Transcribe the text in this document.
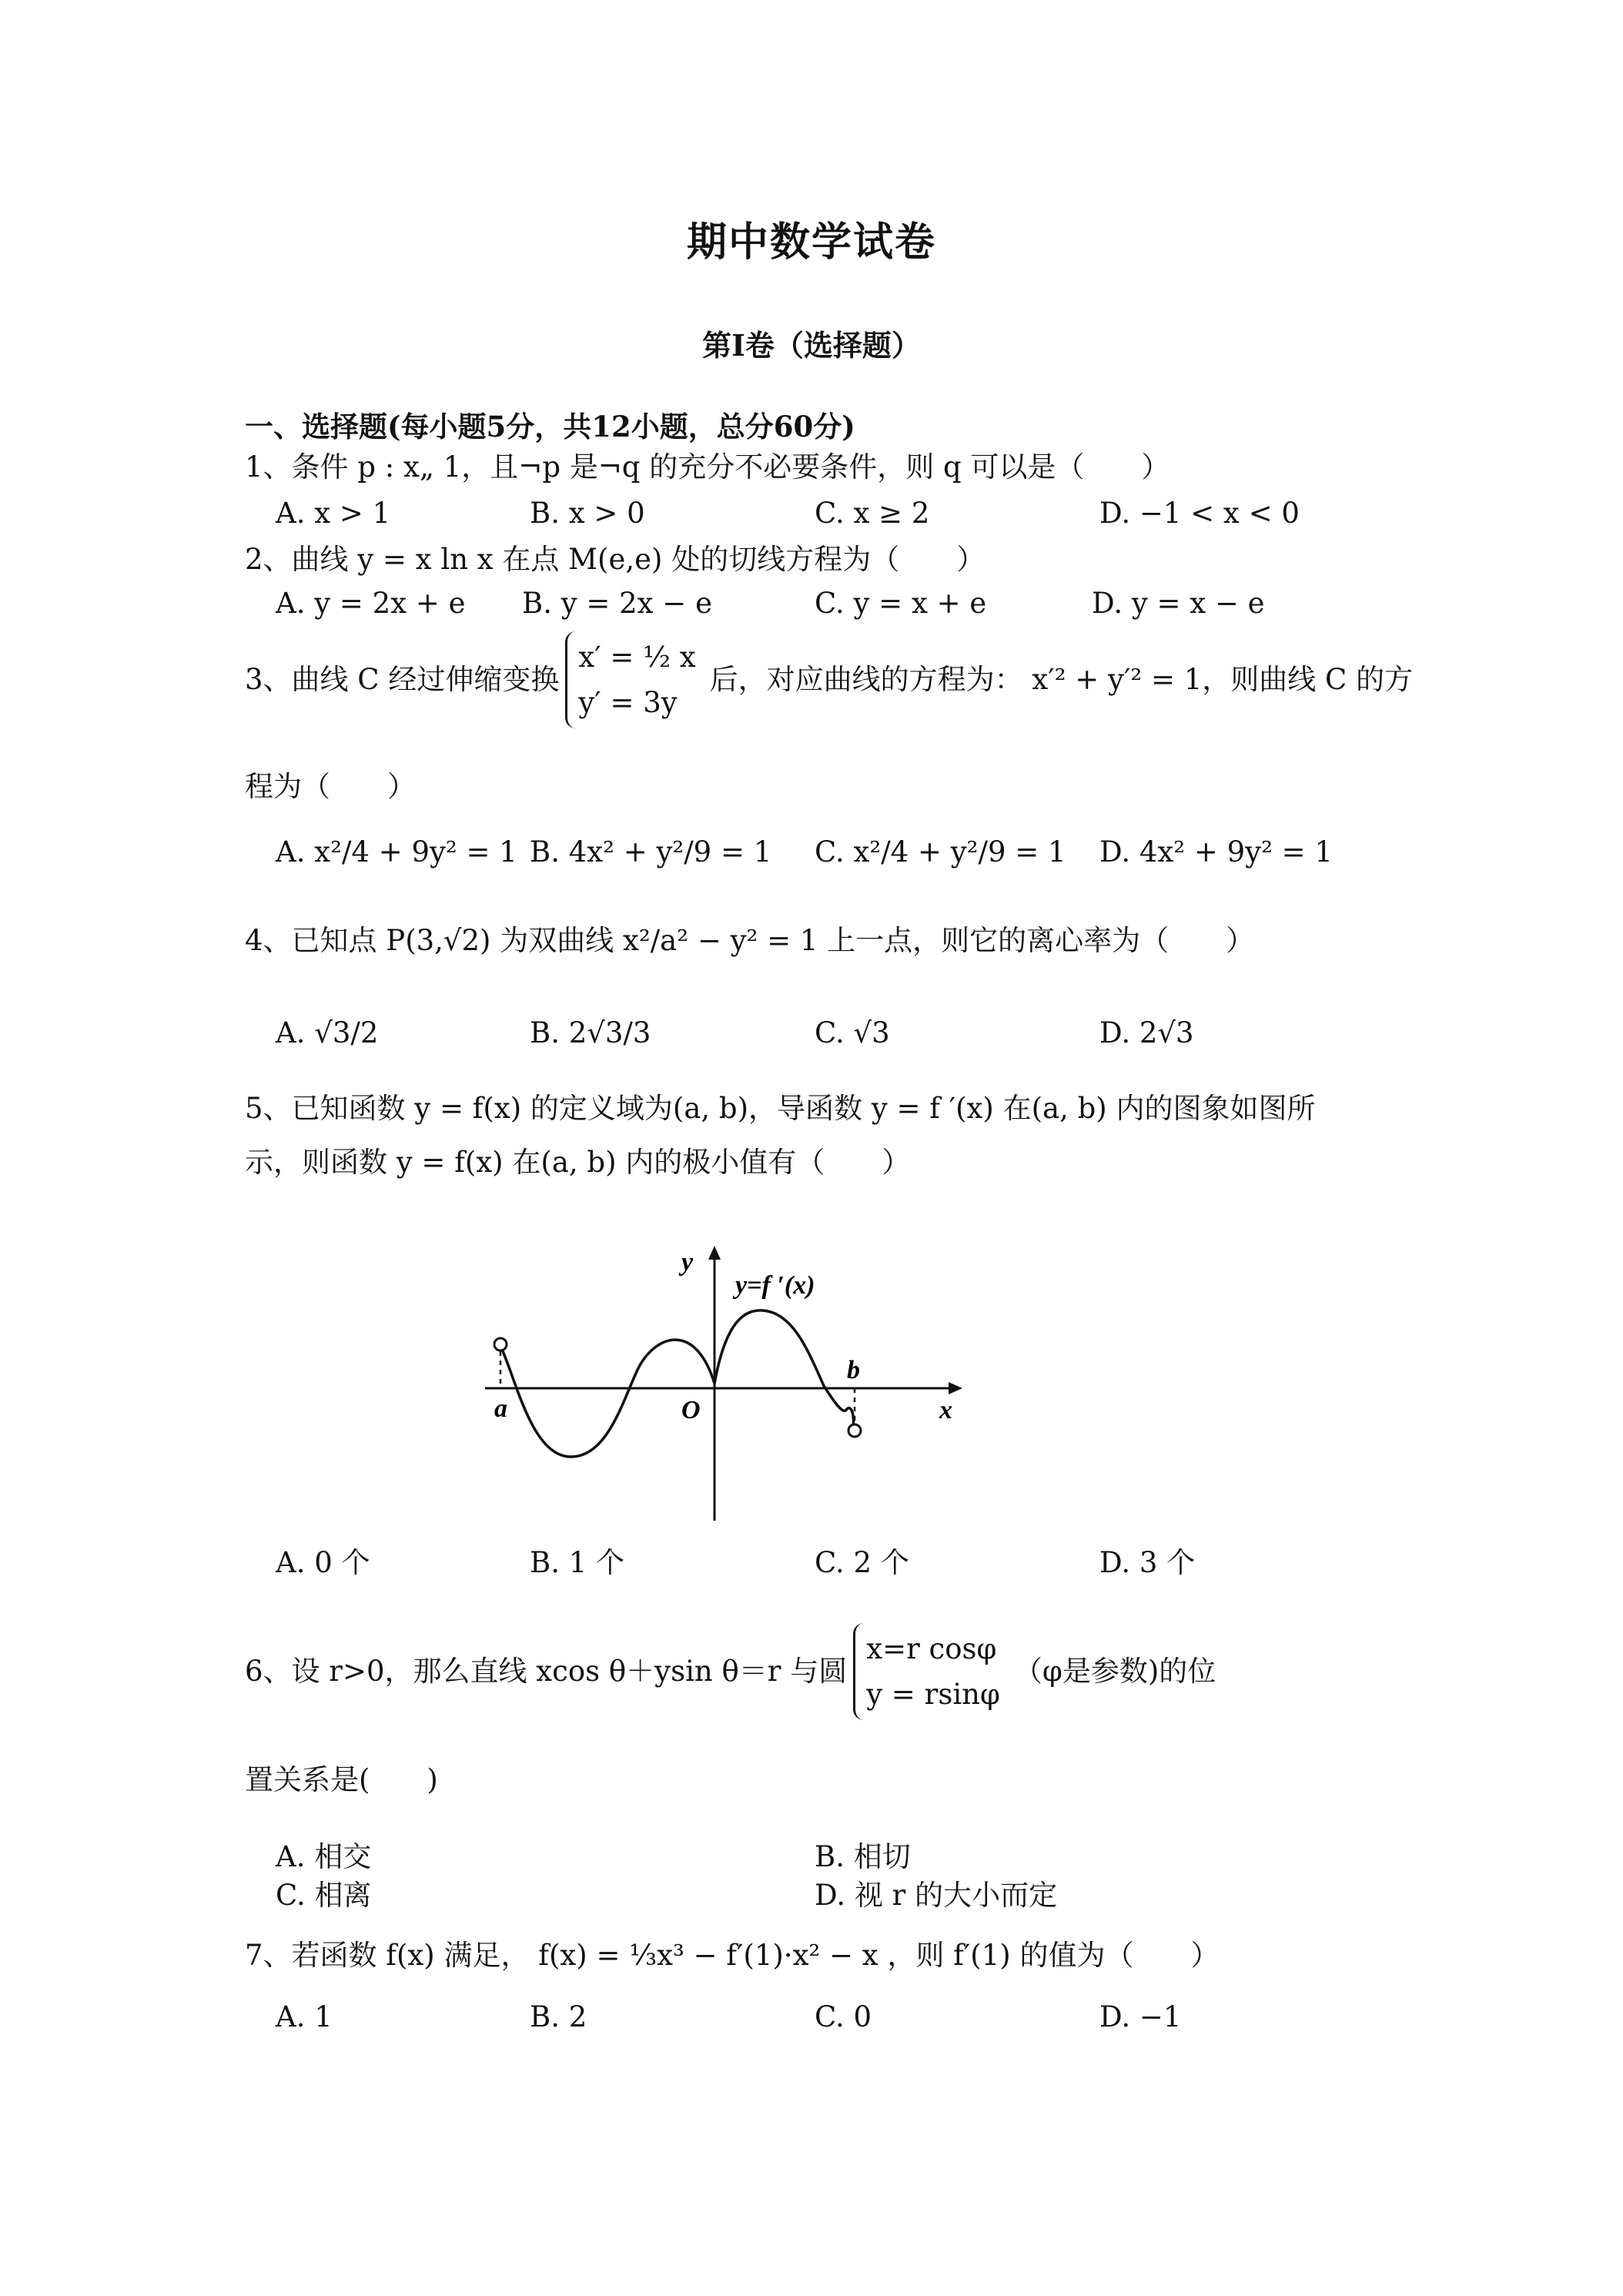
期中数学试卷
第I卷（选择题）
一、选择题(每小题5分，共12小题，总分60分)
1、条件 p : x„ 1，且¬p 是¬q 的充分不必要条件，则 q 可以是（　　）
A. x > 1	B. x > 0	C. x ≥ 2	D. −1 < x < 0
2、曲线 y = x ln x 在点 M(e,e) 处的切线方程为（　　）
A. y = 2x + e B. y = 2x − e	C. y = x + e	D. y = x − e
3、曲线 C 经过伸缩变换
x′ = ½ x
y′ = 3y
后，对应曲线的方程为： x′² + y′² = 1，则曲线 C 的方
程为（　　）
A. x²/4 + 9y² = 1 B. 4x² + y²/9 = 1 C. x²/4 + y²/9 = 1 D. 4x² + 9y² = 1
4、已知点 P(3,√2) 为双曲线 x²/a² − y² = 1 上一点，则它的离心率为（　　）
A. √3/2	B. 2√3/3	C. √3	D. 2√3
5、已知函数 y = f(x) 的定义域为(a, b)，导函数 y = f ′(x) 在(a, b) 内的图象如图所
示，则函数 y = f(x) 在(a, b) 内的极小值有（　　）
a
b
O
y
x
y=f ′(x)
A. 0 个	B. 1 个	C. 2 个	D. 3 个
6、设 r>0，那么直线 xcos θ＋ysin θ＝r 与圆
x=r cosφ
y = rsinφ
（φ是参数)的位
置关系是(　　)
A. 相交	B. 相切
C. 相离	D. 视 r 的大小而定
7、若函数 f(x) 满足， f(x) = ⅓x³ − f′(1)·x² − x ，则 f′(1) 的值为（　　）
A. 1	B. 2	C. 0	D. −1
